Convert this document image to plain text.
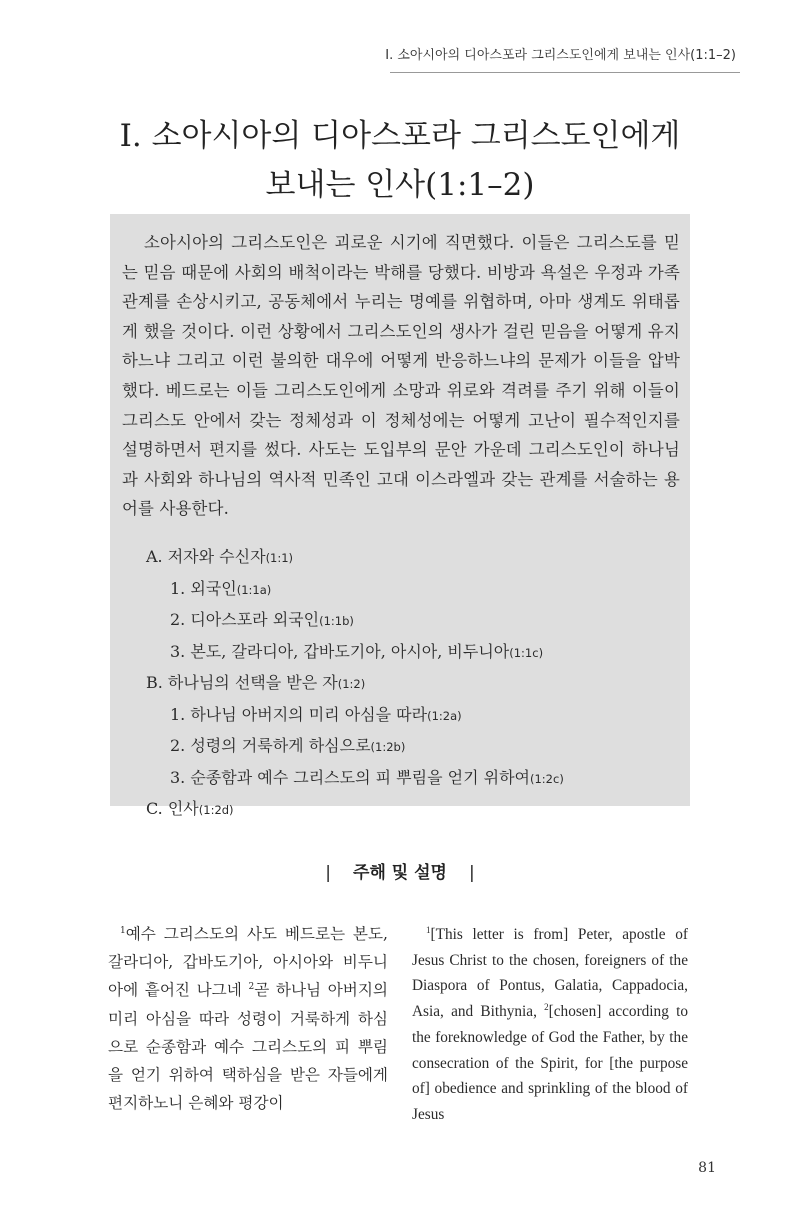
I. 소아시아의 디아스포라 그리스도인에게 보내는 인사(1:1–2)
I. 소아시아의 디아스포라 그리스도인에게
보내는 인사(1:1–2)

소아시아의 그리스도인은 괴로운 시기에 직면했다. 이들은 그리스도를 믿는 믿음 때문에 사회의 배척이라는 박해를 당했다. 비방과 욕설은 우정과 가족 관계를 손상시키고, 공동체에서 누리는 명예를 위협하며, 아마 생계도 위태롭게 했을 것이다. 이런 상황에서 그리스도인의 생사가 걸린 믿음을 어떻게 유지하느냐 그리고 이런 불의한 대우에 어떻게 반응하느냐의 문제가 이들을 압박했다. 베드로는 이들 그리스도인에게 소망과 위로와 격려를 주기 위해 이들이 그리스도 안에서 갖는 정체성과 이 정체성에는 어떻게 고난이 필수적인지를 설명하면서 편지를 썼다. 사도는 도입부의 문안 가운데 그리스도인이 하나님과 사회와 하나님의 역사적 민족인 고대 이스라엘과 갖는 관계를 서술하는 용어를 사용한다.

A. 저자와 수신자(1:1)
1. 외국인(1:1a)
2. 디아스포라 외국인(1:1b)
3. 본도, 갈라디아, 갑바도기아, 아시아, 비두니아(1:1c)
B. 하나님의 선택을 받은 자(1:2)
1. 하나님 아버지의 미리 아심을 따라(1:2a)
2. 성령의 거룩하게 하심으로(1:2b)
3. 순종함과 예수 그리스도의 피 뿌림을 얻기 위하여(1:2c)
C. 인사(1:2d)
| 주해 및 설명 |

$^1$예수 그리스도의 사도 베드로는 본도, 갈라디아, 갑바도기아, 아시아와 비두니아에 흩어진 나그네 $^2$곧 하나님 아버지의 미리 아심을 따라 성령이 거룩하게 하심으로 순종함과 예수 그리스도의 피 뿌림을 얻기 위하여 택하심을 받은 자들에게 편지하노니 은혜와 평강이

$^1$[This letter is from] Peter, apostle of Jesus Christ to the chosen, foreigners of the Diaspora of Pontus, Galatia, Cappadocia, Asia, and Bithynia, $^2$[chosen] according to the foreknowledge of God the Father, by the consecration of the Spirit, for [the purpose of] obedience and sprinkling of the blood of Jesus

81
